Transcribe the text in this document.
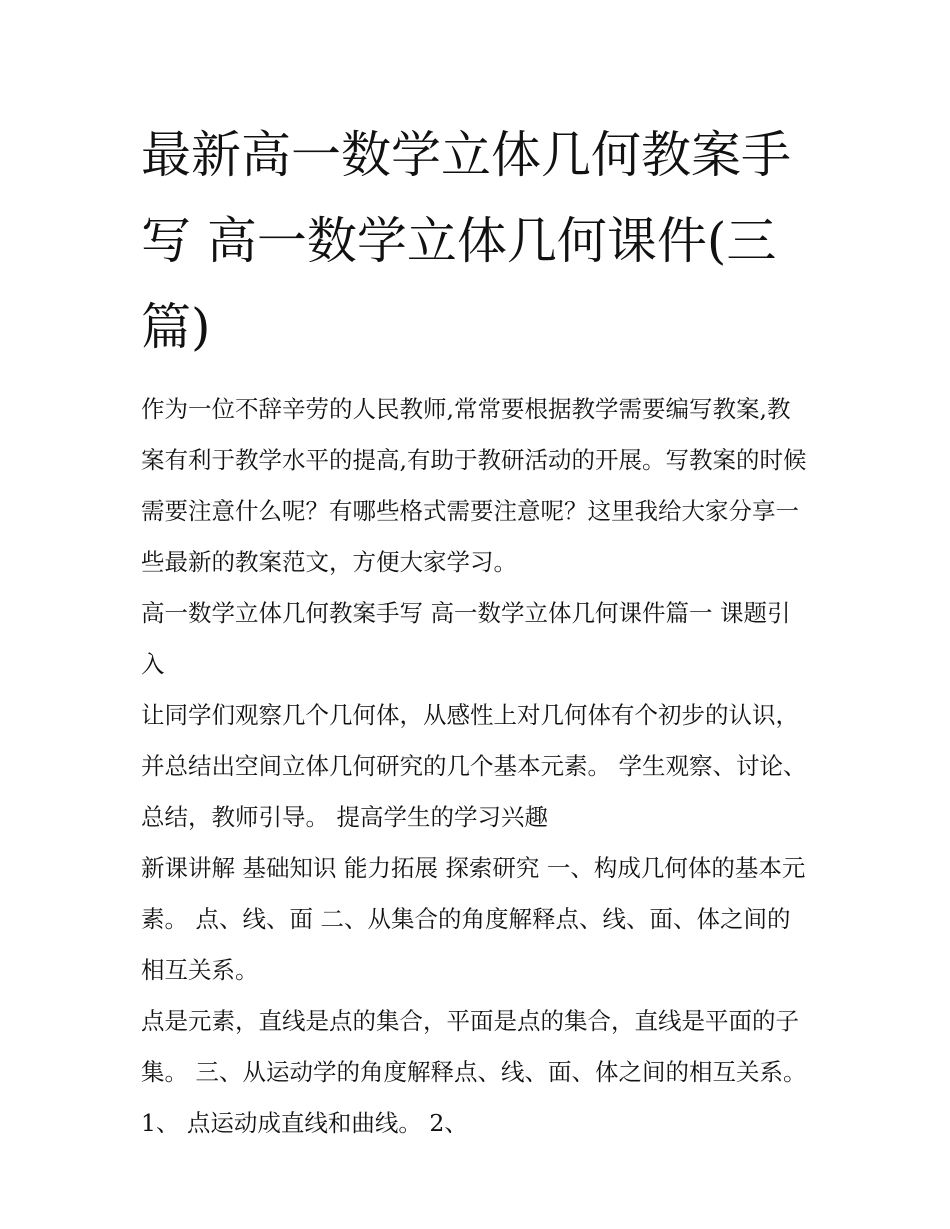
最新高一数学立体几何教案手写 高一数学立体几何课件(三篇)

作为一位不辞辛劳的人民教师,常常要根据教学需要编写教案,教案有利于教学水平的提高,有助于教研活动的开展。写教案的时候需要注意什么呢？有哪些格式需要注意呢？这里我给大家分享一些最新的教案范文，方便大家学习。

高一数学立体几何教案手写 高一数学立体几何课件篇一 课题引入

让同学们观察几个几何体，从感性上对几何体有个初步的认识，并总结出空间立体几何研究的几个基本元素。 学生观察、讨论、总结，教师引导。 提高学生的学习兴趣

新课讲解 基础知识 能力拓展 探索研究 一、构成几何体的基本元素。 点、线、面 二、从集合的角度解释点、线、面、体之间的相互关系。

点是元素，直线是点的集合，平面是点的集合，直线是平面的子集。 三、从运动学的角度解释点、线、面、体之间的相互关系。 1、 点运动成直线和曲线。 2、
